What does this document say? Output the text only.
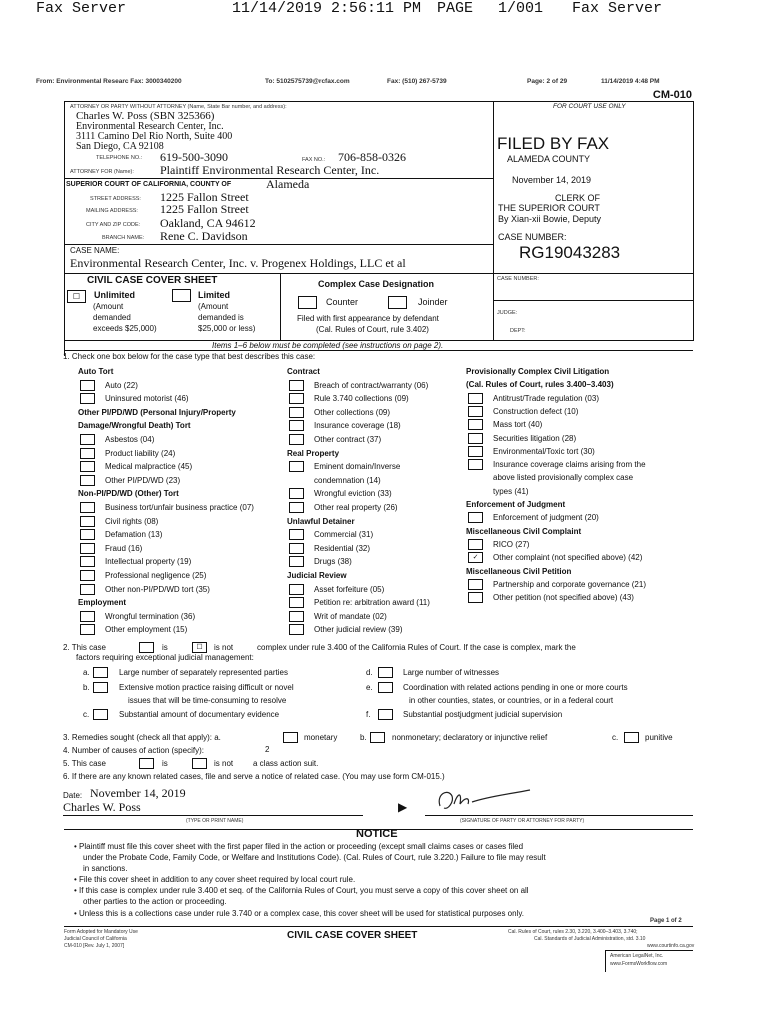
Fax Server	11/14/2019 2:56:11 PM PAGE 1/001 Fax Server
From: Environmental Researc Fax: 3000340200	To: 5102575739@rcfax.com	Fax: (510) 267-5739	Page: 2 of 29	11/14/2019 4:48 PM
CM-010
ATTORNEY OR PARTY WITHOUT ATTORNEY (Name, State Bar number, and address):
Charles W. Poss (SBN 325366)
Environmental Research Center, Inc.
3111 Camino Del Rio North, Suite 400
San Diego, CA 92108
TELEPHONE NO.: 619-500-3090	FAX NO.: 706-858-0326
ATTORNEY FOR (Name): Plaintiff Environmental Research Center, Inc.
SUPERIOR COURT OF CALIFORNIA, COUNTY OF	Alameda
STREET ADDRESS: 1225 Fallon Street
MAILING ADDRESS: 1225 Fallon Street
CITY AND ZIP CODE: Oakland, CA 94612
BRANCH NAME: Rene C. Davidson
CASE NAME:
Environmental Research Center, Inc. v. Progenex Holdings, LLC et al
FOR COURT USE ONLY
FILED BY FAX
ALAMEDA COUNTY
November 14, 2019
CLERK OF
THE SUPERIOR COURT
By Xian-xii Bowie, Deputy
CASE NUMBER:
RG19043283
CIVIL CASE COVER SHEET
☐	Unlimited	Limited
(Amount
demanded
exceeds $25,000)
(Amount
demanded is
$25,000 or less)
Complex Case Designation
Counter	Joinder
Filed with first appearance by defendant
(Cal. Rules of Court, rule 3.402)
CASE NUMBER:
JUDGE:
DEPT:
Items 1–6 below must be completed (see instructions on page 2).
1. Check one box below for the case type that best describes this case:
Auto Tort
Auto (22)
Uninsured motorist (46)
Other PI/PD/WD (Personal Injury/Property
Damage/Wrongful Death) Tort
Asbestos (04)
Product liability (24)
Medical malpractice (45)
Other PI/PD/WD (23)
Non-PI/PD/WD (Other) Tort
Business tort/unfair business practice (07)
Civil rights (08)
Defamation (13)
Fraud (16)
Intellectual property (19)
Professional negligence (25)
Other non-PI/PD/WD tort (35)
Employment
Wrongful termination (36)
Other employment (15)
Contract
Breach of contract/warranty (06)
Rule 3.740 collections (09)
Other collections (09)
Insurance coverage (18)
Other contract (37)
Real Property
Eminent domain/Inverse
condemnation (14)
Wrongful eviction (33)
Other real property (26)
Unlawful Detainer
Commercial (31)
Residential (32)
Drugs (38)
Judicial Review
Asset forfeiture (05)
Petition re: arbitration award (11)
Writ of mandate (02)
Other judicial review (39)
Provisionally Complex Civil Litigation
(Cal. Rules of Court, rules 3.400–3.403)
Antitrust/Trade regulation (03)
Construction defect (10)
Mass tort (40)
Securities litigation (28)
Environmental/Toxic tort (30)
Insurance coverage claims arising from the
above listed provisionally complex case
types (41)
Enforcement of Judgment
Enforcement of judgment (20)
Miscellaneous Civil Complaint
RICO (27)
✓	Other complaint (not specified above) (42)
Miscellaneous Civil Petition
Partnership and corporate governance (21)
Other petition (not specified above) (43)
2. This case	is	☐	is not	complex under rule 3.400 of the California Rules of Court. If the case is complex, mark the
factors requiring exceptional judicial management:
a.	Large number of separately represented parties
b.	Extensive motion practice raising difficult or novel
issues that will be time-consuming to resolve
c.	Substantial amount of documentary evidence
d.	Large number of witnesses
e.	Coordination with related actions pending in one or more courts
in other counties, states, or countries, or in a federal court
f.	Substantial postjudgment judicial supervision
3. Remedies sought (check all that apply): a.	monetary	b.	nonmonetary; declaratory or injunctive relief	c.	punitive
4. Number of causes of action (specify):	2
5. This case	is	is not a class action suit.
6. If there are any known related cases, file and serve a notice of related case. (You may use form CM-015.)
Date: November 14, 2019
Charles W. Poss
(TYPE OR PRINT NAME)
▶
(SIGNATURE OF PARTY OR ATTORNEY FOR PARTY)
NOTICE
• Plaintiff must file this cover sheet with the first paper filed in the action or proceeding (except small claims cases or cases filed
under the Probate Code, Family Code, or Welfare and Institutions Code). (Cal. Rules of Court, rule 3.220.) Failure to file may result
in sanctions.
• File this cover sheet in addition to any cover sheet required by local court rule.
• If this case is complex under rule 3.400 et seq. of the California Rules of Court, you must serve a copy of this cover sheet on all
other parties to the action or proceeding.
• Unless this is a collections case under rule 3.740 or a complex case, this cover sheet will be used for statistical purposes only.
Page 1 of 2
Form Adopted for Mandatory Use
Judicial Council of California
CM-010 [Rev. July 1, 2007]
CIVIL CASE COVER SHEET	Cal. Rules of Court, rules 2.30, 3.220, 3.400–3.403, 3.740;
Cal. Standards of Judicial Administration, std. 3.10
www.courtinfo.ca.gov
American LegalNet, Inc.
www.FormsWorkflow.com
